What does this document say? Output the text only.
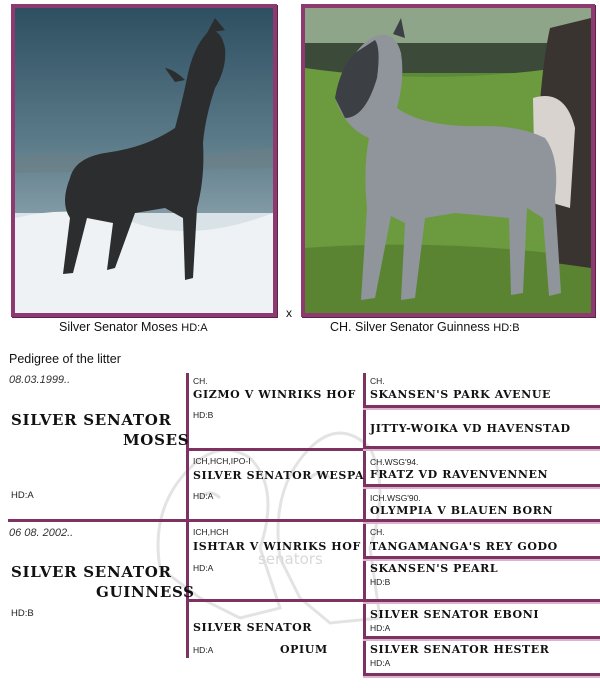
Silver Senator Moses HD:A
x
CH. Silver Senator Guinness HD:B
Pedigree of the litter
senators
08.03.1999..
SILVER SENATOR
MOSES
HD:A
06 08. 2002..
SILVER SENATOR
GUINNESS
HD:B
CH.
GIZMO V WINRIKS HOF
HD:B
ICH,HCH,IPO-I
SILVER SENATOR WESPA
HD:A
ICH,HCH
ISHTAR V WINRIKS HOF
HD:A
SILVER SENATOR
HD:A	OPIUM
CH.
SKANSEN'S PARK AVENUE
JITTY-WOIKA VD HAVENSTAD
CH.WSG'94.
FRATZ VD RAVENVENNEN
ICH.WSG'90.
OLYMPIA V BLAUEN BORN
CH.
TANGAMANGA'S REY GODO
SKANSEN'S PEARL
HD:B
SILVER SENATOR EBONI
HD:A
SILVER SENATOR HESTER
HD:A
